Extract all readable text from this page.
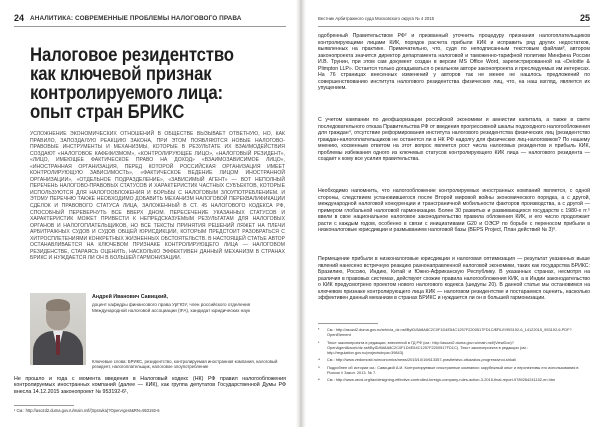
24 АНАЛИТИКА: СОВРЕМЕННЫЕ ПРОБЛЕМЫ НАЛОГОВОГО ПРАВА
Налоговое резидентство как ключевой признак контролируемого лица: опыт стран БРИКС

УСЛОЖНЕНИЕ ЭКОНОМИЧЕСКИХ ОТНОШЕНИЙ В ОБЩЕСТВЕ ВЫЗЫВАЕТ ОТВЕТНУЮ, НО, КАК ПРАВИЛО, ЗАПОЗДАЛУЮ РЕАКЦИЮ ЗАКОНА, ПРИ ЭТОМ ПОЯВЛЯЮТСЯ НОВЫЕ НАЛОГОВО-ПРАВОВЫЕ ИНСТРУМЕНТЫ И МЕХАНИЗМЫ, КОТОРЫЕ В РЕЗУЛЬТАТЕ ИХ ВЗАИМОДЕЙСТВИЯ СОЗДАЮТ «НАЛОГОВОЕ КАФЕФИЗМОМ», «КОНТРОЛИРУЮЩЕЕ ЛИЦО», «НАЛОГОВЫЙ РЕЗИДЕНТ», «ЛИЦО, ИМЕЮЩЕЕ ФАКТИЧЕСКОЕ ПРАВО НА ДОХОД» «ВЗАИМОЗАВИСИМОЕ ЛИЦО», «ИНОСТРАННАЯ ОРГАНИЗАЦИЯ, ПЕРЕД КОТОРОЙ РОССИЙСКАЯ ОРГАНИЗАЦИЯ ИМЕЕТ КОНТРОЛИРУЮЩУЮ ЗАВИСИМОСТЬ», «ФАКТИЧЕСКОЕ ВЕДЕНИЕ ЛИЦОМ ИНОСТРАННОЙ ОРГАНИЗАЦИИ», «ОТДЕЛЬНОЕ ПОДРАЗДЕЛЕНИЕ», «ЗАВИСИМЫЙ АГЕНТ» — ВОТ НЕПОЛНЫЙ ПЕРЕЧЕНЬ НАЛОГОВО-ПРАВОВЫХ СТАТУСОВ И ХАРАКТЕРИСТИК ЧАСТНЫХ СУБЪЕКТОВ, КОТОРЫЕ ИСПОЛЬЗУЮТСЯ ДЛЯ НАЛОГООБЛОЖЕНИЯ И БОРЬБЫ С НАЛОГОВЫМ ЗЛОУПОТРЕБЛЕНИЕМ. И ЭТОМУ ПЕРЕЧНЮ ТАКЖЕ НЕОБХОДИМО ДОБАВИТЬ МЕХАНИЗМ НАЛОГОВОЙ ПЕРЕКВАЛИФИКАЦИИ СДЕЛОК И ПРАВОВОГО СТАТУСА ЛИЦА, ЗАЛОЖЕННЫЙ В СТ. 45 НАЛОГОВОГО КОДЕКСА РФ, СПОСОБНЫЙ ПЕРЕВЕРНУТЬ ВСЕ ВВЕРХ ДНОМ. ПЕРЕСЕЧЕНИЕ УКАЗАННЫХ СТАТУСОВ И ХАРАКТЕРИСТИК МОЖЕТ ПРИВЕСТИ К НЕПРЕДСКАЗУЕМЫМ РЕЗУЛЬТАТАМ ДЛЯ НАЛОГОВЫХ ОРГАНОВ И НАЛОГОПЛАТЕЛЬЩИКОВ, НО ВСЕ ТЕКСТЫ ПРИНЯТИЯ РЕШЕНИЙ ЛЯЖЕТ НА ПЛЕЧИ АРБИТРАЖНЫХ СУДОВ И СУДОВ ОБЩЕЙ ЮРИСДИКЦИИ, КОТОРЫМ ПРЕДСТОИТ РАЗОБРАТЬСЯ С ХИТРОСПЛЕТЕНИЯМИ КОНКРЕТНЫХ ЖИЗНЕННЫХ ОБСТОЯТЕЛЬСТВ. В НАСТОЯЩЕЙ СТАТЬЕ АВТОР ОСТАНАВЛИВАЕТСЯ НА КЛЮЧЕВОМ ПРИЗНАКЕ КОНТРОЛИРУЮЩЕГО ЛИЦА — НАЛОГОВОМ РЕЗИДЕНСТВЕ, СТАРАЯСЬ ОЦЕНИТЬ, НАСКОЛЬКО ЭФФЕКТИВЕН ДАННЫЙ МЕХАНИЗМ В СТРАНАХ БРИКС И НУЖДАЕТСЯ ЛИ ОН В БОЛЬШЕЙ ГАРМОНИЗАЦИИ.

Андрей Иванович Савицкий,
доцент кафедры финансового права УрГЮУ, член российского отделения Международной налоговой ассоциации (IFA), кандидат юридических наук
Ключевые слова: БРИКС, резидентство, контролируемая иностранная компания, налоговый резидент, налогоплательщик, налоговое злоупотребление

Не прошло и года с момента введения в Налоговый кодекс (НК) РФ правил налогообложения контролируемых иностранных компаний (далее — КИК), как группа депутатов Государственной Думы РФ внесла 14.12.2015 законопроект № 953192-6¹,

¹ См.: http://asozd2.duma.gov.ru/main.nsf/(Spravka)?OpenAgent&RN=953192-6

Вестник Арбитражного суда Московского округа № 4 2015	25

одобренный Правительством РФ² и призванный уточнить процедуру признания налогоплательщиков контролирующими лицами КИК, порядок расчета прибыли КИК и исправить ряд других недостатков, выявленных на практике. Примечательно, что, судя по неподписанным текстовым файлам³, автором законопроекта значится директор департамента налоговой и таможенно-тарифной политики Минфина России И.В. Трунин, при этом сам документ создан в версии MS Office Word, зарегистрированной на «Deloitte & Plimpton LLP». Остается только догадываться о реальном авторе законопроекта и преследуемых им интересах. На 76 страницах внесенных изменений у авторов так не менее не нашлось предложений по совершенствованию института налогового резидентства физических лиц, что, на наш взгляд, является их упущением.

С учетом кампании по деофшоризации российской экономики и амнистии капитала, а также в свете последовательного отказа Правительства РФ от введения прогрессивной шкалы подоходного налогообложения для граждан⁴, отсутствие реформирования института налогового резидентства физических лиц (резидентство граждан-налогоплательщиков не останется ли в НК РФ надолгу для физических лиц-налоговиков? По нашему мнению, косвенным ответом на этот вопрос является рост числа налоговых резидентов и прибыль КИК, проблемы избежания одного из ключевых статусов контролирующего КИК лица — налогового резидента — создает к кому все усилия правительства.

Необходимо напомнить, что налогообложение контролируемых иностранных компаний является, с одной стороны, следствием установившегося после Второй мировой войны экономического порядка, а с другой, международной налоговой конкуренции и трансграничной мобильности факторов производства, а с другой — примером глобальной налоговой гармонизации. Более 30 развитых и развивающихся государств с 1980-х гг.⁵ ввели в свое национальное налоговое законодательство правила обложения КИК, и его число продолжает расти с каждым годом, особенно в связи с инициативами G20 и ОЭСР по борьбе с переносом прибыли в низконалоговые юрисдикции и размыванием налоговой базы (BEPS Project, План действий № 3)⁶.

Пермещение прибыли в низконалоговые юрисдикции и налоговая оптимизация — результат указанных выше явлений нанесено встречную реакцию разнонаправленной налоговой экономики, таких как государства БРИКС: Бразилию, Россию, Индию, Китай и Южно-Африканскую Республику. В указанных странах, несмотря на различия в правовых системах, действуют схожие правила налогообложения КИК, а в Индии законодательство о КИК предусмотрено проектом нового налогового кодекса (шедулы 20). В данной статье мы остановимся на ключевом признаке контролирующего лица КИК — налоговом резидентстве и постараемся оценить, насколько эффективен данный механизм в странах БРИКС и нуждается ли он в большей гармонизации.

²	См.: http://asozd2.duma.gov.ru/arhiv/a_dz.nsf/ByID/8A8A8C2C0F1D4E54C1257F2200517FD1C/$FILE/953192-6_14122015_953192-6.PDF?OpenElement
³	Текст законопроекта в редакции, внесенной в ГД РФ (см.: http://asozd2.duma.gov.ru/main.nsf/(ViewDoc)?OpenAgent&work/dz.nsf/ByID/8A8A8C2C0F1D4E54C1257F2200517FD1C). Текст законопроекта в редакции (см.: http://regulation.gov.ru/projects#npa=39843).
⁴	См.: http://www.vedomosti.ru/economics/news/2015/10/19/613357-pravitelstvo-otkazalos-progressivnoi-shkali
⁵	Подробнее об истории см.: Савицкий А.И. Контролируемые иностранные компании: зарубежный опыт и перспективы его использования в России // Закон. 2013. № 7.
⁶	См.: http://www.oecd.org/tax/designing-effective-controlled-foreign-company-rules-action-3-2015-final-report-9789264241152-en.htm
